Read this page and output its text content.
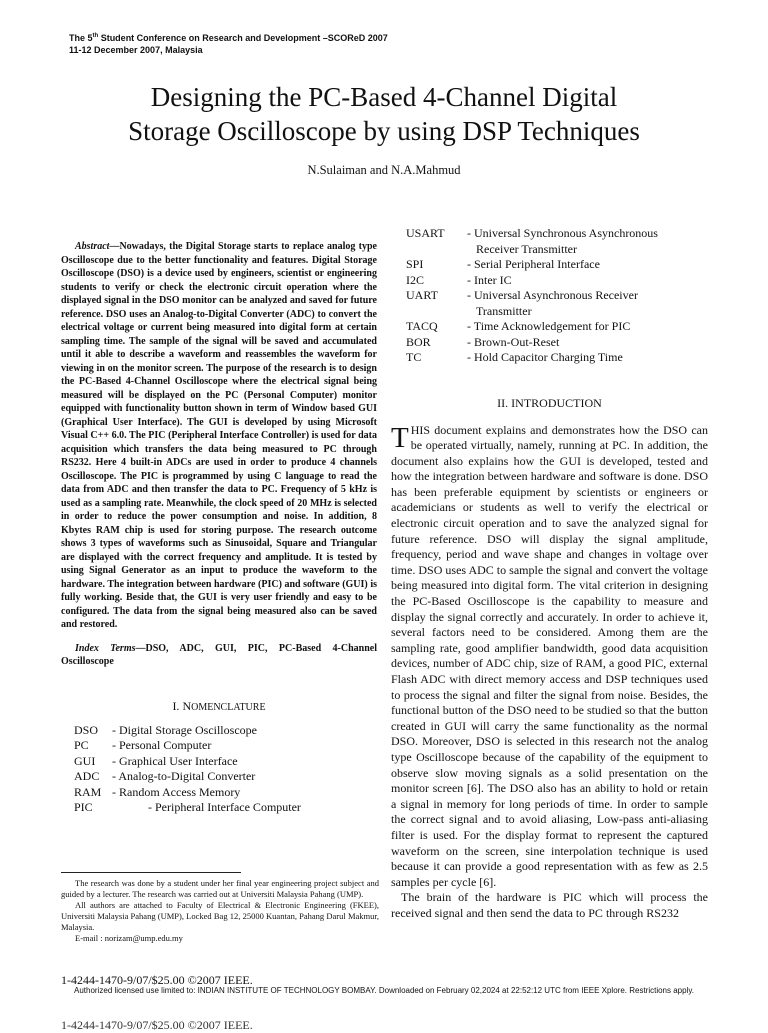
The 5th Student Conference on Research and Development –SCOReD 2007
11-12 December 2007, Malaysia
Designing the PC-Based 4-Channel Digital
Storage Oscilloscope by using DSP Techniques
N.Sulaiman and N.A.Mahmud

Abstract—Nowadays, the Digital Storage starts to replace analog type Oscilloscope due to the better functionality and features. Digital Storage Oscilloscope (DSO) is a device used by engineers, scientist or engineering students to verify or check the electronic circuit operation where the displayed signal in the DSO monitor can be analyzed and saved for future reference. DSO uses an Analog-to-Digital Converter (ADC) to convert the electrical voltage or current being measured into digital form at certain sampling time. The sample of the signal will be saved and accumulated until it able to describe a waveform and reassembles the waveform for viewing in on the monitor screen. The purpose of the research is to design the PC-Based 4-Channel Oscilloscope where the electrical signal being measured will be displayed on the PC (Personal Computer) monitor equipped with functionality button shown in term of Window based GUI (Graphical User Interface). The GUI is developed by using Microsoft Visual C++ 6.0. The PIC (Peripheral Interface Controller) is used for data acquisition which transfers the data being measured to PC through RS232. Here 4 built-in ADCs are used in order to produce 4 channels Oscilloscope. The PIC is programmed by using C language to read the data from ADC and then transfer the data to PC. Frequency of 5 kHz is used as a sampling rate. Meanwhile, the clock speed of 20 MHz is selected in order to reduce the power consumption and noise. In addition, 8 Kbytes RAM chip is used for storing purpose. The research outcome shows 3 types of waveforms such as Sinusoidal, Square and Triangular are displayed with the correct frequency and amplitude. It is tested by using Signal Generator as an input to produce the waveform to the hardware. The integration between hardware (PIC) and software (GUI) is fully working. Beside that, the GUI is very user friendly and easy to be configured. The data from the signal being measured also can be saved and restored.

Index Terms—DSO, ADC, GUI, PIC, PC-Based 4-Channel Oscilloscope

I. NOMENCLATURE
DSO	- Digital Storage Oscilloscope
PC	- Personal Computer
GUI	- Graphical User Interface
ADC	- Analog-to-Digital Converter
RAM	- Random Access Memory
PIC	- Peripheral Interface Computer
USART	- Universal Synchronous Asynchronous
Receiver Transmitter

SPI	- Serial Peripheral Interface
I2C	- Inter IC
UART	- Universal Asynchronous Receiver
Transmitter

TACQ	- Time Acknowledgement for PIC
BOR	- Brown-Out-Reset
TC	- Hold Capacitor Charging Time
II. INTRODUCTION

THIS document explains and demonstrates how the DSO can be operated virtually, namely, running at PC. In addition, the document also explains how the GUI is developed, tested and how the integration between hardware and software is done. DSO has been preferable equipment by scientists or engineers or academicians or students as well to verify the electrical or electronic circuit operation and to save the analyzed signal for future reference. DSO will display the signal amplitude, frequency, period and wave shape and changes in voltage over time. DSO uses ADC to sample the signal and convert the voltage being measured into digital form. The vital criterion in designing the PC-Based Oscilloscope is the capability to measure and display the signal correctly and accurately. In order to achieve it, several factors need to be considered. Among them are the sampling rate, good amplifier bandwidth, good data acquisition devices, number of ADC chip, size of RAM, a good PIC, external Flash ADC with direct memory access and DSP techniques used to process the signal and filter the signal from noise. Besides, the functional button of the DSO need to be studied so that the button created in GUI will carry the same functionality as the normal DSO. Moreover, DSO is selected in this research not the analog type Oscilloscope because of the capability of the equipment to observe slow moving signals as a solid presentation on the monitor screen [6]. The DSO also has an ability to hold or retain a signal in memory for long periods of time. In order to sample the correct signal and to avoid aliasing, Low-pass anti-aliasing filter is used. For the display format to represent the captured waveform on the screen, sine interpolation technique is used because it can provide a good representation with as few as 2.5 samples per cycle [6].

The brain of the hardware is PIC which will process the received signal and then send the data to PC through RS232

The research was done by a student under her final year engineering project subject and guided by a lecturer. The research was carried out at Universiti Malaysia Pahang (UMP).

All authors are attached to Faculty of Electrical & Electronic Engineering (FKEE), Universiti Malaysia Pahang (UMP), Locked Bag 12, 25000 Kuantan, Pahang Darul Makmur, Malaysia.

E-mail : norizam@ump.edu.my

1-4244-1470-9/07/$25.00 ©2007 IEEE.
Authorized licensed use limited to: INDIAN INSTITUTE OF TECHNOLOGY BOMBAY. Downloaded on February 02,2024 at 22:52:12 UTC from IEEE Xplore. Restrictions apply.
1-4244-1470-9/07/$25.00 ©2007 IEEE.
